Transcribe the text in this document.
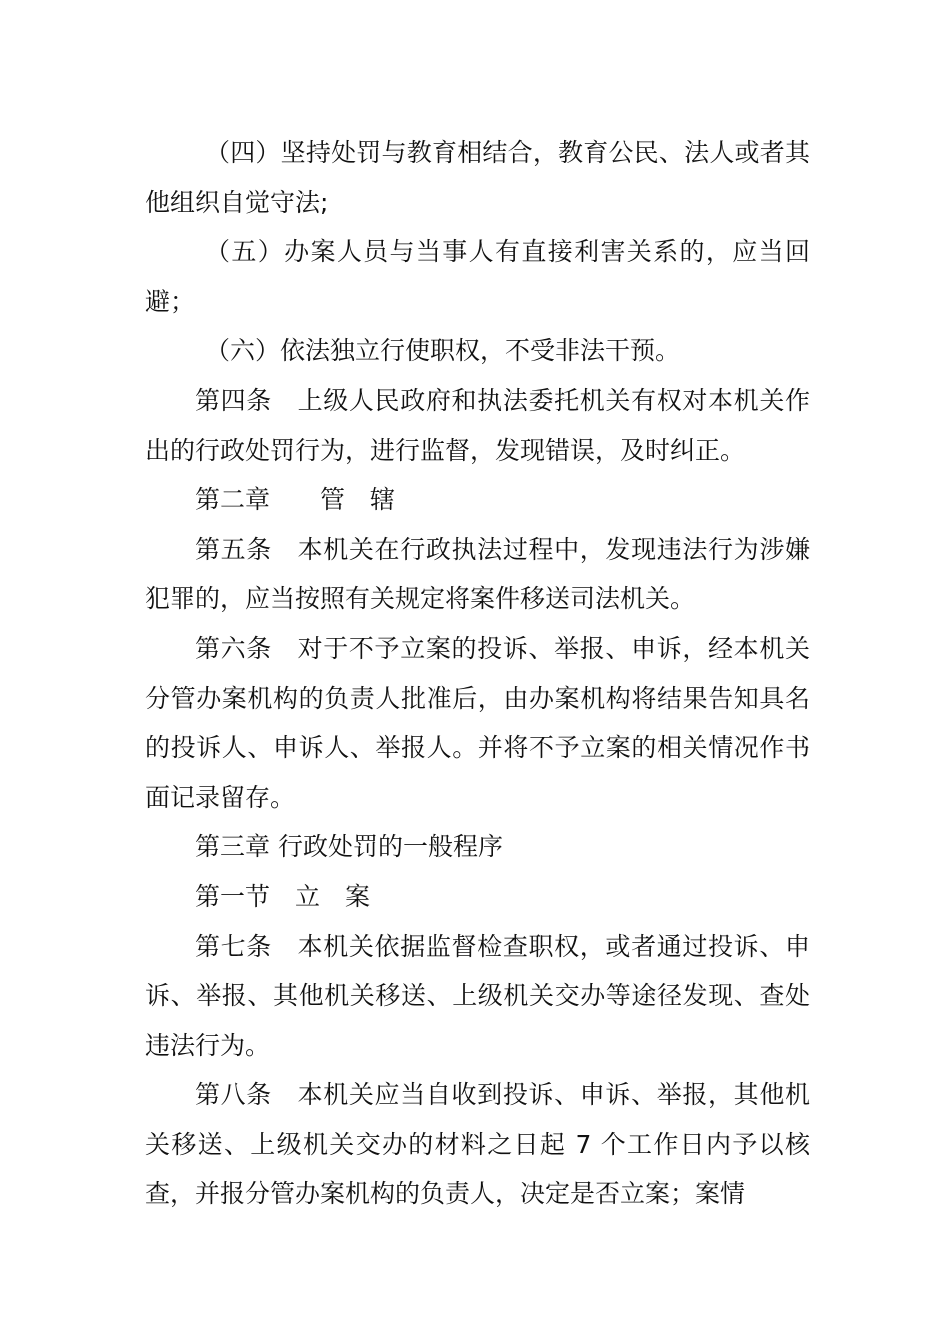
（四）坚持处罚与教育相结合，教育公民、法人或者其他组织自觉守法;

（五）办案人员与当事人有直接利害关系的，应当回避；

（六）依法独立行使职权，不受非法干预。

第四条　上级人民政府和执法委托机关有权对本机关作出的行政处罚行为，进行监督，发现错误，及时纠正。

第二章　　管　辖

第五条　本机关在行政执法过程中，发现违法行为涉嫌犯罪的，应当按照有关规定将案件移送司法机关。

第六条　对于不予立案的投诉、举报、申诉，经本机关分管办案机构的负责人批准后，由办案机构将结果告知具名的投诉人、申诉人、举报人。并将不予立案的相关情况作书面记录留存。

第三章 行政处罚的一般程序

第一节　立　案

第七条　本机关依据监督检查职权，或者通过投诉、申诉、举报、其他机关移送、上级机关交办等途径发现、查处违法行为。

第八条　本机关应当自收到投诉、申诉、举报，其他机关移送、上级机关交办的材料之日起 7 个工作日内予以核查，并报分管办案机构的负责人，决定是否立案；案情
